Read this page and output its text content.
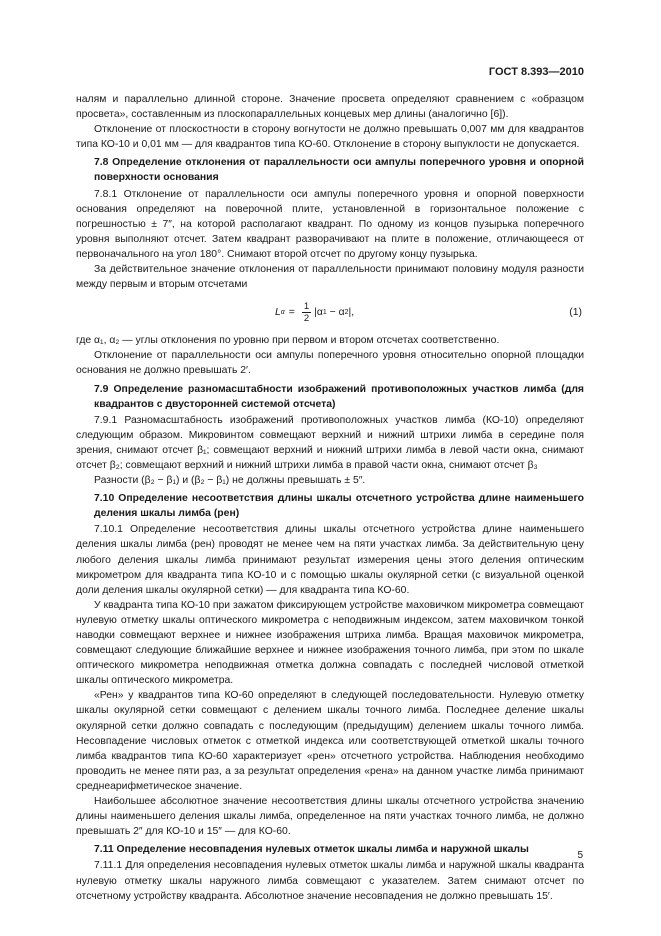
ГОСТ 8.393—2010

налям и параллельно длинной стороне. Значение просвета определяют сравнением с «образцом просвета», составленным из плоскопараллельных концевых мер длины (аналогично [6]).

Отклонение от плоскостности в сторону вогнутости не должно превышать 0,007 мм для квадрантов типа КО-10 и 0,01 мм — для квадрантов типа КО-60. Отклонение в сторону выпуклости не допускается.

7.8 Определение отклонения от параллельности оси ампулы поперечного уровня и опорной поверхности основания

7.8.1 Отклонение от параллельности оси ампулы поперечного уровня и опорной поверхности основания определяют на поверочной плите, установленной в горизонтальное положение с погрешностью ± 7″, на которой располагают квадрант. По одному из концов пузырька поперечного уровня выполняют отсчет. Затем квадрант разворачивают на плите в положение, отличающееся от первоначального на угол 180°. Снимают второй отсчет по другому концу пузырька.

За действительное значение отклонения от параллельности принимают половину модуля разности между первым и вторым отсчетами

L $\alpha = \frac{1}{2} |\alpha$ 1 − α 2 |,	(1)

где α₁, α₂ — углы отклонения по уровню при первом и втором отсчетах соответственно.

Отклонение от параллельности оси ампулы поперечного уровня относительно опорной площадки основания не должно превышать 2′.

7.9 Определение разномасштабности изображений противоположных участков лимба (для квадрантов с двусторонней системой отсчета)

7.9.1 Разномасштабность изображений противоположных участков лимба (КО-10) определяют следующим образом. Микровинтом совмещают верхний и нижний штрихи лимба в середине поля зрения, снимают отсчет β₁; совмещают верхний и нижний штрихи лимба в левой части окна, снимают отсчет β₂; совмещают верхний и нижний штрихи лимба в правой части окна, снимают отсчет β₃

Разности (β₂ − β₁) и (β₂ − β₁) не должны превышать ± 5″.

7.10 Определение несоответствия длины шкалы отсчетного устройства длине наименьшего деления шкалы лимба (рен)

7.10.1 Определение несоответствия длины шкалы отсчетного устройства длине наименьшего деления шкалы лимба (рен) проводят не менее чем на пяти участках лимба. За действительную цену любого деления шкалы лимба принимают результат измерения цены этого деления оптическим микрометром для квадранта типа КО-10 и с помощью шкалы окулярной сетки (с визуальной оценкой доли деления шкалы окулярной сетки) — для квадранта типа КО-60.

У квадранта типа КО-10 при зажатом фиксирующем устройстве маховичком микрометра совмещают нулевую отметку шкалы оптического микрометра с неподвижным индексом, затем маховичком тонкой наводки совмещают верхнее и нижнее изображения штриха лимба. Вращая маховичок микрометра, совмещают следующие ближайшие верхнее и нижнее изображения точного лимба, при этом по шкале оптического микрометра неподвижная отметка должна совпадать с последней числовой отметкой шкалы оптического микрометра.

«Рен» у квадрантов типа КО-60 определяют в следующей последовательности. Нулевую отметку шкалы окулярной сетки совмещают с делением шкалы точного лимба. Последнее деление шкалы окулярной сетки должно совпадать с последующим (предыдущим) делением шкалы точного лимба. Несовпадение числовых отметок с отметкой индекса или соответствующей отметкой шкалы точного лимба квадрантов типа КО-60 характеризует «рен» отсчетного устройства. Наблюдения необходимо проводить не менее пяти раз, а за результат определения «рена» на данном участке лимба принимают среднеарифметическое значение.

Наибольшее абсолютное значение несоответствия длины шкалы отсчетного устройства значению длины наименьшего деления шкалы лимба, определенное на пяти участках точного лимба, не должно превышать 2″ для КО-10 и 15″ — для КО-60.

7.11 Определение несовпадения нулевых отметок шкалы лимба и наружной шкалы

7.11.1 Для определения несовпадения нулевых отметок шкалы лимба и наружной шкалы квадранта нулевую отметку шкалы наружного лимба совмещают с указателем. Затем снимают отсчет по отсчетному устройству квадранта. Абсолютное значение несовпадения не должно превышать 15′.

5
